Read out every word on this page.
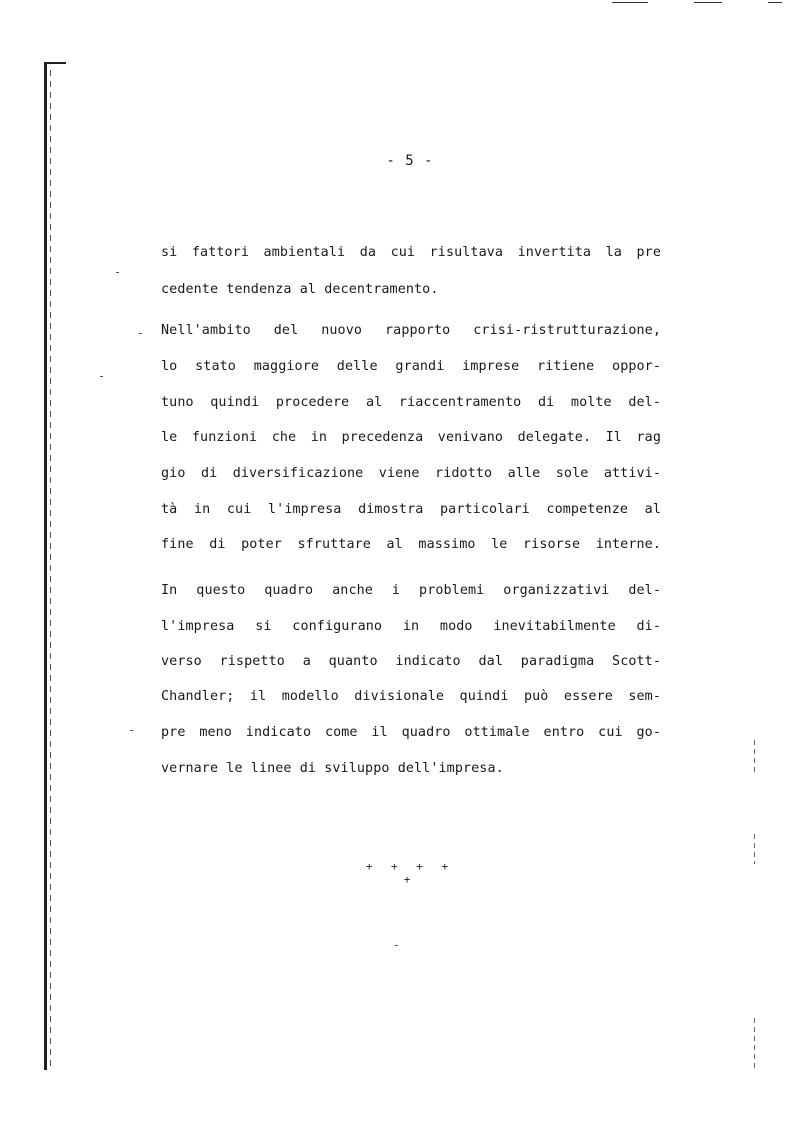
- 5 -
si fattori ambientali da cui risultava invertita la pre
cedente tendenza al decentramento.
Nell'ambito del nuovo rapporto crisi-ristrutturazione,
lo stato maggiore delle grandi imprese ritiene oppor-
tuno quindi procedere al riaccentramento di molte del-
le funzioni che in precedenza venivano delegate. Il rag
gio di diversificazione viene ridotto alle sole attivi-
tà in cui l'impresa dimostra particolari competenze al
fine di poter sfruttare al massimo le risorse interne.
In questo quadro anche i problemi organizzativi del-
l'impresa si configurano in modo inevitabilmente di-
verso rispetto a quanto indicato dal paradigma Scott-
Chandler; il modello divisionale quindi può essere sem-
pre meno indicato come il quadro ottimale entro cui go-
vernare le linee di sviluppo dell'impresa.
+ + + + +
